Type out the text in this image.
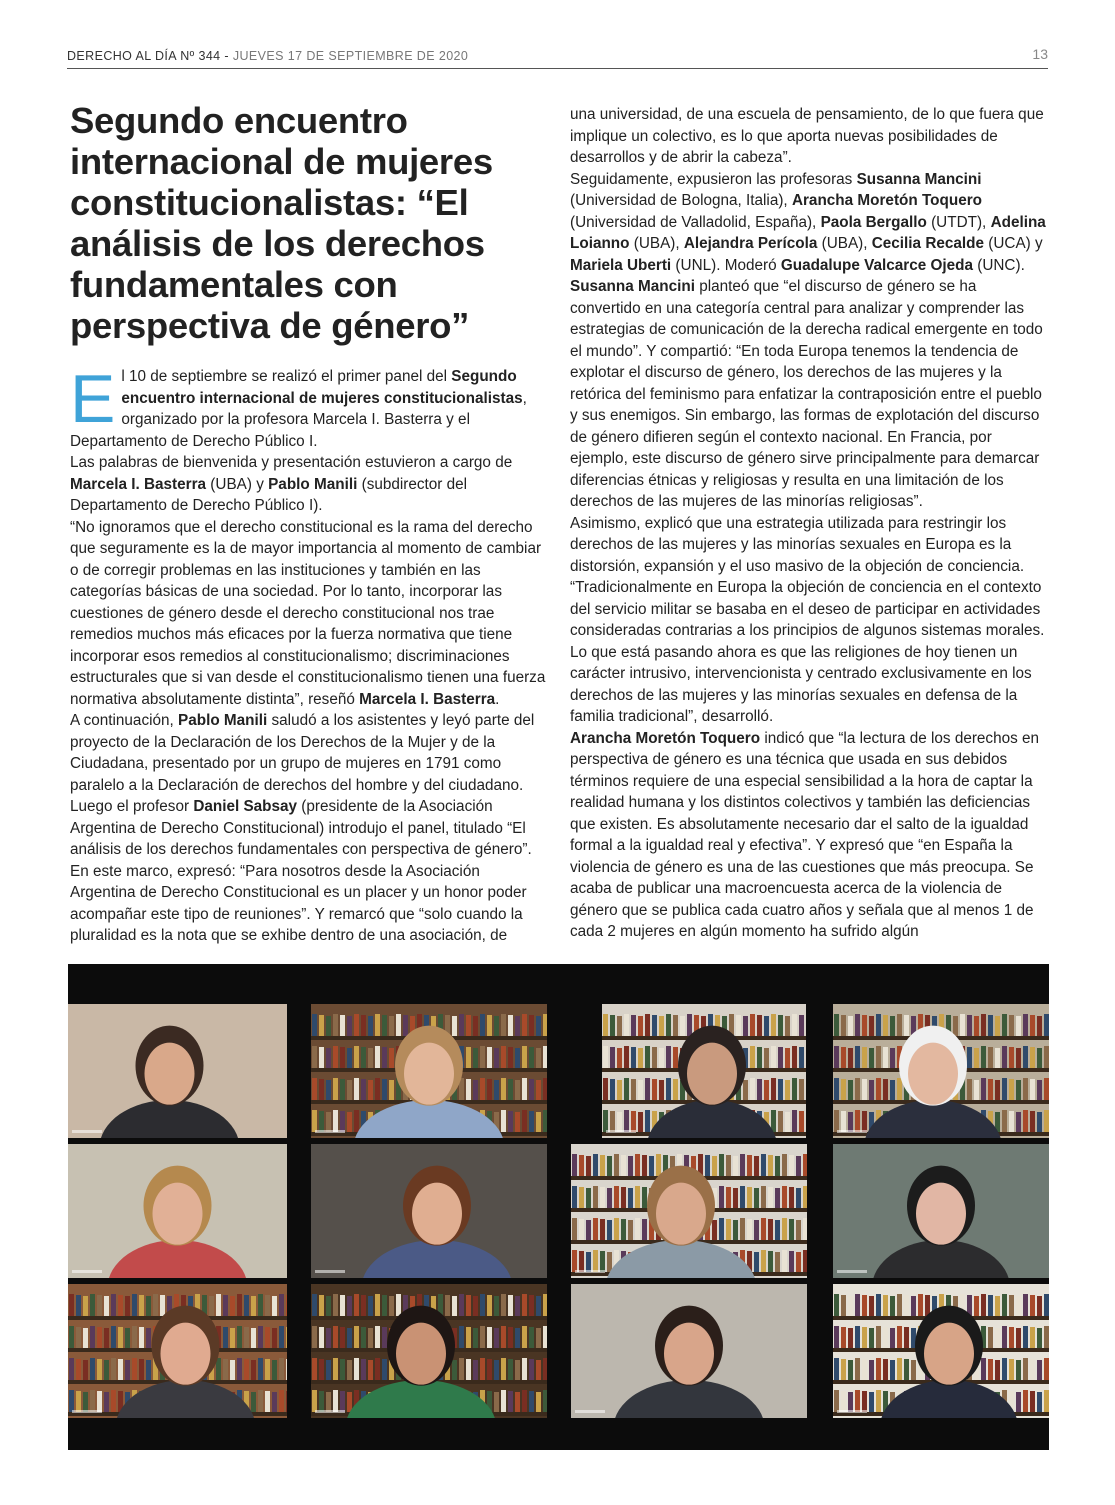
DERECHO AL DÍA Nº 344 - JUEVES 17 DE SEPTIEMBRE DE 2020	13
Segundo encuentro internacional de mujeres constitucionalistas: “El análisis de los derechos fundamentales con perspectiva de género”

El 10 de septiembre se realizó el primer panel del Segundo encuentro internacional de mujeres constitucionalistas, organizado por la profesora Marcela I. Basterra y el Departamento de Derecho Público I.

Las palabras de bienvenida y presentación estuvieron a cargo de Marcela I. Basterra (UBA) y Pablo Manili (subdirector del Departamento de Derecho Público I).

“No ignoramos que el derecho constitucional es la rama del derecho que seguramente es la de mayor importancia al momento de cambiar o de corregir problemas en las instituciones y también en las categorías básicas de una sociedad. Por lo tanto, incorporar las cuestiones de género desde el derecho constitucional nos trae remedios muchos más eficaces por la fuerza normativa que tiene incorporar esos remedios al constitucionalismo; discriminaciones estructurales que si van desde el constitucionalismo tienen una fuerza normativa absolutamente distinta”, reseñó Marcela I. Basterra.

A continuación, Pablo Manili saludó a los asistentes y leyó parte del proyecto de la Declaración de los Derechos de la Mujer y de la Ciudadana, presentado por un grupo de mujeres en 1791 como paralelo a la Declaración de derechos del hombre y del ciudadano.

Luego el profesor Daniel Sabsay (presidente de la Asociación Argentina de Derecho Constitucional) introdujo el panel, titulado “El análisis de los derechos fundamentales con perspectiva de género”. En este marco, expresó: “Para nosotros desde la Asociación Argentina de Derecho Constitucional es un placer y un honor poder acompañar este tipo de reuniones”. Y remarcó que “solo cuando la pluralidad es la nota que se exhibe dentro de una asociación, de

una universidad, de una escuela de pensamiento, de lo que fuera que implique un colectivo, es lo que aporta nuevas posibilidades de desarrollos y de abrir la cabeza”.

Seguidamente, expusieron las profesoras Susanna Mancini (Universidad de Bologna, Italia), Arancha Moretón Toquero (Universidad de Valladolid, España), Paola Bergallo (UTDT), Adelina Loianno (UBA), Alejandra Perícola (UBA), Cecilia Recalde (UCA) y Mariela Uberti (UNL). Moderó Guadalupe Valcarce Ojeda (UNC).

Susanna Mancini planteó que “el discurso de género se ha convertido en una categoría central para analizar y comprender las estrategias de comunicación de la derecha radical emergente en todo el mundo”. Y compartió: “En toda Europa tenemos la tendencia de explotar el discurso de género, los derechos de las mujeres y la retórica del feminismo para enfatizar la contraposición entre el pueblo y sus enemigos. Sin embargo, las formas de explotación del discurso de género difieren según el contexto nacional. En Francia, por ejemplo, este discurso de género sirve principalmente para demarcar diferencias étnicas y religiosas y resulta en una limitación de los derechos de las mujeres de las minorías religiosas”.

Asimismo, explicó que una estrategia utilizada para restringir los derechos de las mujeres y las minorías sexuales en Europa es la distorsión, expansión y el uso masivo de la objeción de conciencia. “Tradicionalmente en Europa la objeción de conciencia en el contexto del servicio militar se basaba en el deseo de participar en actividades consideradas contrarias a los principios de algunos sistemas morales. Lo que está pasando ahora es que las religiones de hoy tienen un carácter intrusivo, intervencionista y centrado exclusivamente en los derechos de las mujeres y las minorías sexuales en defensa de la familia tradicional”, desarrolló.

Arancha Moretón Toquero indicó que “la lectura de los derechos en perspectiva de género es una técnica que usada en sus debidos términos requiere de una especial sensibilidad a la hora de captar la realidad humana y los distintos colectivos y también las deficiencias que existen. Es absolutamente necesario dar el salto de la igualdad formal a la igualdad real y efectiva”. Y expresó que “en España la violencia de género es una de las cuestiones que más preocupa. Se acaba de publicar una macroencuesta acerca de la violencia de género que se publica cada cuatro años y señala que al menos 1 de cada 2 mujeres en algún momento ha sufrido algún
